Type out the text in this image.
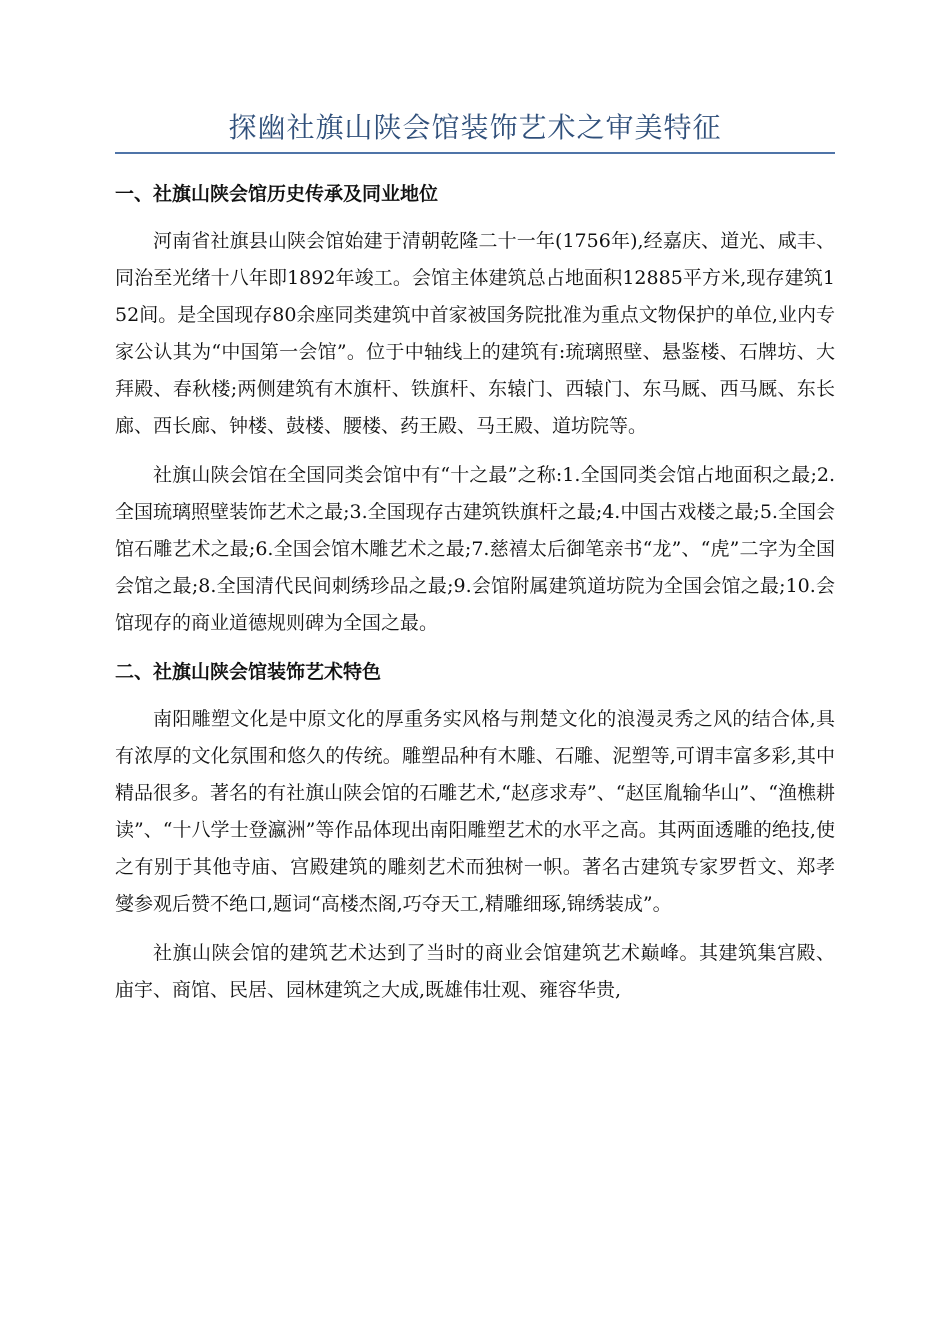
探幽社旗山陕会馆装饰艺术之审美特征
一、社旗山陕会馆历史传承及同业地位

河南省社旗县山陕会馆始建于清朝乾隆二十一年(1756年),经嘉庆、道光、咸丰、同治至光绪十八年即1892年竣工。会馆主体建筑总占地面积12885平方米,现存建筑152间。是全国现存80余座同类建筑中首家被国务院批准为重点文物保护的单位,业内专家公认其为“中国第一会馆”。位于中轴线上的建筑有:琉璃照壁、悬鉴楼、石牌坊、大拜殿、春秋楼;两侧建筑有木旗杆、铁旗杆、东辕门、西辕门、东马厩、西马厩、东长廊、西长廊、钟楼、鼓楼、腰楼、药王殿、马王殿、道坊院等。

社旗山陕会馆在全国同类会馆中有“十之最”之称:1.全国同类会馆占地面积之最;2.全国琉璃照壁装饰艺术之最;3.全国现存古建筑铁旗杆之最;4.中国古戏楼之最;5.全国会馆石雕艺术之最;6.全国会馆木雕艺术之最;7.慈禧太后御笔亲书“龙”、“虎”二字为全国会馆之最;8.全国清代民间刺绣珍品之最;9.会馆附属建筑道坊院为全国会馆之最;10.会馆现存的商业道德规则碑为全国之最。

二、社旗山陕会馆装饰艺术特色

南阳雕塑文化是中原文化的厚重务实风格与荆楚文化的浪漫灵秀之风的结合体,具有浓厚的文化氛围和悠久的传统。雕塑品种有木雕、石雕、泥塑等,可谓丰富多彩,其中精品很多。著名的有社旗山陕会馆的石雕艺术,“赵彦求寿”、“赵匡胤输华山”、“渔樵耕读”、“十八学士登瀛洲”等作品体现出南阳雕塑艺术的水平之高。其两面透雕的绝技,使之有别于其他寺庙、宫殿建筑的雕刻艺术而独树一帜。著名古建筑专家罗哲文、郑孝燮参观后赞不绝口,题词“高楼杰阁,巧夺天工,精雕细琢,锦绣装成”。

社旗山陕会馆的建筑艺术达到了当时的商业会馆建筑艺术巅峰。其建筑集宫殿、庙宇、商馆、民居、园林建筑之大成,既雄伟壮观、雍容华贵,
